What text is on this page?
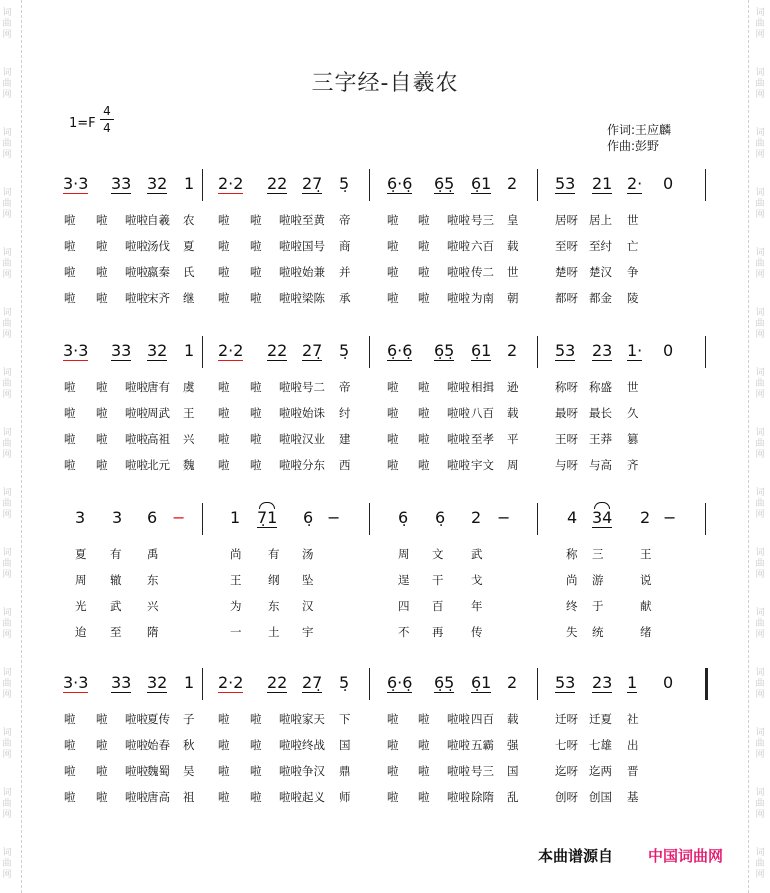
词
曲
网
词
曲
网
词
曲
网
词
曲
网
词
曲
网
词
曲
网
词
曲
网
词
曲
网
词
曲
网
词
曲
网
词
曲
网
词
曲
网
词
曲
网
词
曲
网
词
曲
网
词
曲
网
词
曲
网
词
曲
网
词
曲
网
词
曲
网
词
曲
网
词
曲
网
词
曲
网
词
曲
网
词
曲
网
词
曲
网
词
曲
网
词
曲
网
词
曲
网
词
曲
网
三字经-自羲农
1=F
4
4	作词:王应麟
作曲:彭野
3·3 33 32 1 2·2 22 27̣ 5̣ 6̣·6̣ 6̣5̣ 6̣1 2 53 21 2· 0
啦 啦 啦啦 自羲 农 啦 啦 啦啦 至黄 帝	啦 啦 啦啦 号三 皇	居呀 居上 世
啦 啦 啦啦 汤伐 夏 啦 啦 啦啦 国号 商	啦 啦 啦啦 六百 载	至呀 至纣 亡
啦 啦 啦啦 嬴秦 氏 啦 啦 啦啦 始兼 并	啦 啦 啦啦 传二 世	楚呀 楚汉 争
啦 啦 啦啦 宋齐 继 啦 啦 啦啦 梁陈 承	啦 啦 啦啦 为南 朝	都呀 都金 陵
3·3 33 32 1 2·2 22 27̣ 5̣ 6̣·6̣ 6̣5̣ 6̣1 2 53 23 1· 0
啦 啦 啦啦 唐有 虞 啦 啦 啦啦 号二 帝	啦 啦 啦啦 相揖 逊	称呀 称盛 世
啦 啦 啦啦 周武 王 啦 啦 啦啦 始诛 纣	啦 啦 啦啦 八百 载	最呀 最长 久
啦 啦 啦啦 高祖 兴 啦 啦 啦啦 汉业 建	啦 啦 啦啦 至孝 平	王呀 王莽 篡
啦 啦 啦啦 北元 魏 啦 啦 啦啦 分东 西	啦 啦 啦啦 宇文 周	与呀 与高 齐
3 3 6 −	1 7̣1 6̣ −	6̣ 6̣ 2 −	4 34 2 −
夏 有 禹	尚 有 汤	周 文 武	称 三	王
周 辙 东	王 纲 坠	逞 干 戈	尚 游	说
光 武 兴	为 东 汉	四 百 年	终 于	献
迨 至 隋	一 土 宇	不 再 传	失 统	绪
3·3 33 32 1 2·2 22 27̣ 5̣ 6̣·6̣ 6̣5̣ 6̣1 2 53 23 1 0
啦 啦 啦啦 夏传 子 啦 啦 啦啦 家天 下	啦 啦 啦啦 四百 载	迁呀 迁夏 社
啦 啦 啦啦 始春 秋 啦 啦 啦啦 终战 国	啦 啦 啦啦 五霸 强	七呀 七雄 出
啦 啦 啦啦 魏蜀 吴 啦 啦 啦啦 争汉 鼎	啦 啦 啦啦 号三 国	迄呀 迄两 晋
啦 啦 啦啦 唐高 祖 啦 啦 啦啦 起义 师	啦 啦 啦啦 除隋 乱	创呀 创国 基
本曲谱源自 中国词曲网
